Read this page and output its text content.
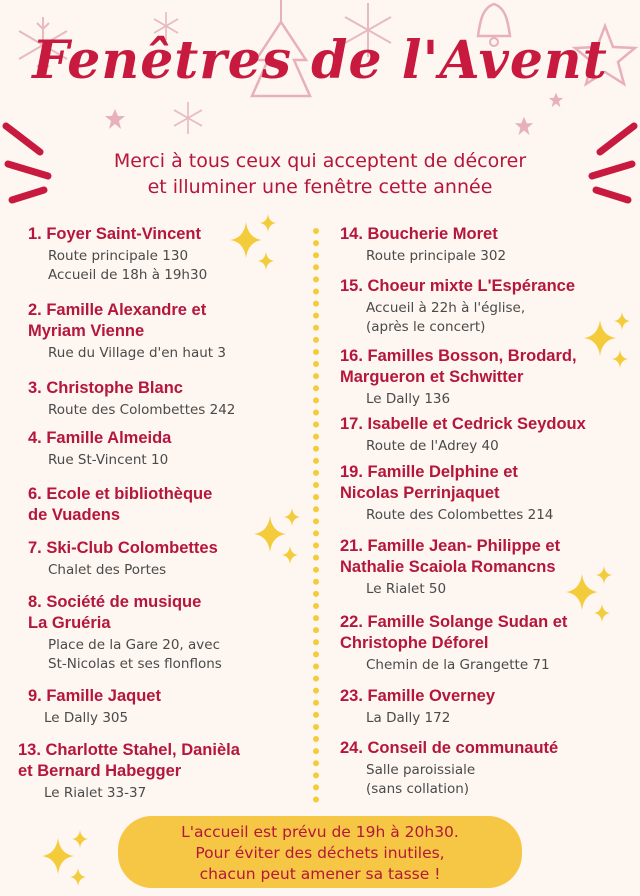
Fenêtres de l'Avent
Merci à tous ceux qui acceptent de décorer
et illuminer une fenêtre cette année
1. Foyer Saint-Vincent
Route principale 130
Accueil de 18h à 19h30
2. Famille Alexandre et
Myriam Vienne
Rue du Village d'en haut 3
3. Christophe Blanc
Route des Colombettes 242
4. Famille Almeida
Rue St-Vincent 10
6. Ecole et bibliothèque
de Vuadens
7. Ski-Club Colombettes
Chalet des Portes
8. Société de musique
La Gruéria
Place de la Gare 20, avec
St-Nicolas et ses flonflons
9. Famille Jaquet
Le Dally 305
13. Charlotte Stahel, Danièla
et Bernard Habegger
Le Rialet 33-37
14. Boucherie Moret
Route principale 302
15. Choeur mixte L'Espérance
Accueil à 22h à l'église,
(après le concert)
16. Familles Bosson, Brodard,
Margueron et Schwitter
Le Dally 136
17. Isabelle et Cedrick Seydoux
Route de l'Adrey 40
19. Famille Delphine et
Nicolas Perrinjaquet
Route des Colombettes 214
21. Famille Jean- Philippe et
Nathalie Scaiola Romancns
Le Rialet 50
22. Famille Solange Sudan et
Christophe Déforel
Chemin de la Grangette 71
23. Famille Overney
La Dally 172
24. Conseil de communauté
Salle paroissiale
(sans collation)
L'accueil est prévu de 19h à 20h30.
Pour éviter des déchets inutiles,
chacun peut amener sa tasse !
